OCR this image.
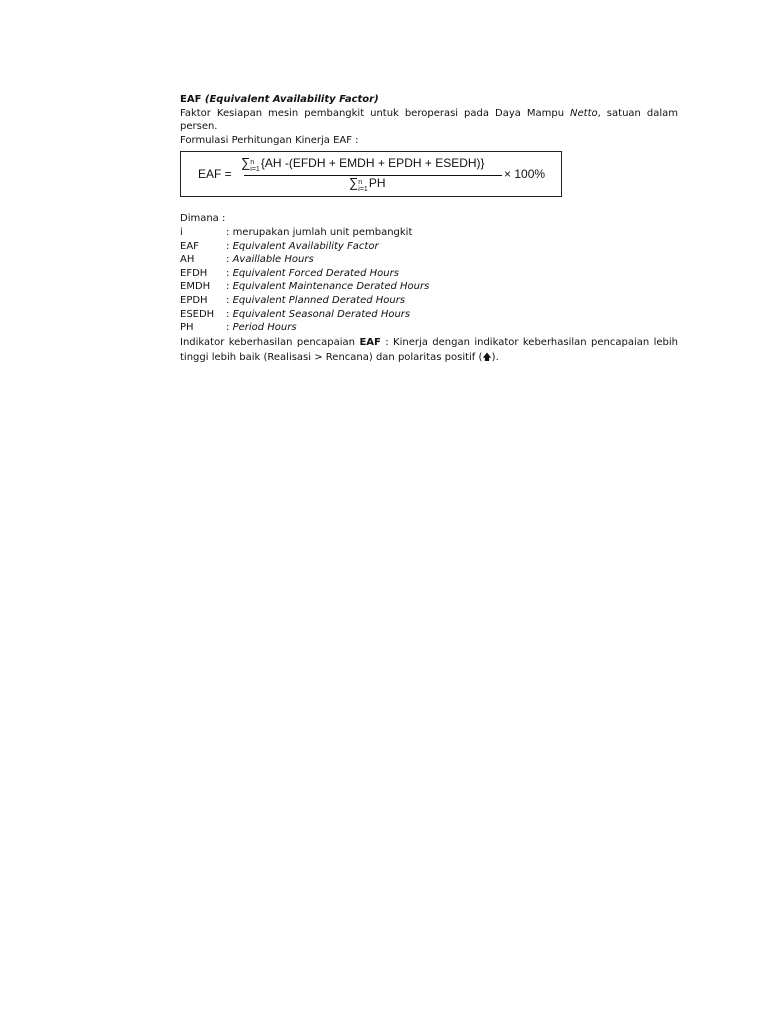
EAF (Equivalent Availability Factor)
Faktor Kesiapan mesin pembangkit untuk beroperasi pada Daya Mampu Netto, satuan dalam persen.
Formulasi Perhitungan Kinerja EAF :
EAF =
∑ n
i=1 {AH -(EFDH + EMDH + EPDH + ESEDH)}
∑ n
i=1 PH
× 100%
Dimana :
i	: merupakan jumlah unit pembangkit
EAF	: Equivalent Availability Factor
AH	: Availlable Hours
EFDH	: Equivalent Forced Derated Hours
EMDH	: Equivalent Maintenance Derated Hours
EPDH	: Equivalent Planned Derated Hours
ESEDH	: Equivalent Seasonal Derated Hours
PH	: Period Hours
Indikator keberhasilan pencapaian EAF : Kinerja dengan indikator keberhasilan pencapaian lebih tinggi lebih baik (Realisasi > Rencana) dan polaritas positif (🡅).
